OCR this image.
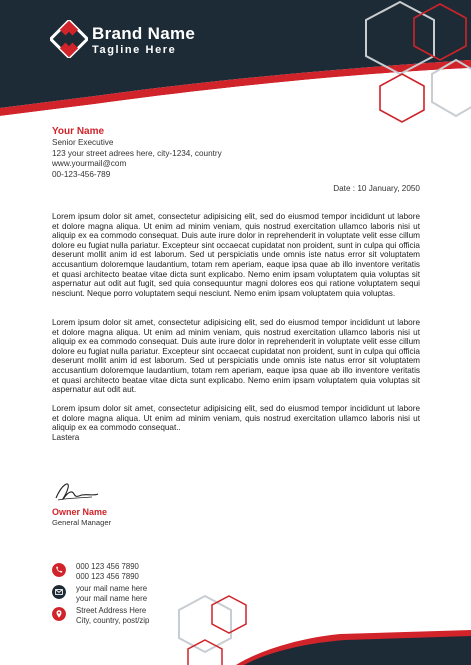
Brand Name
Tagline Here
Your Name
Senior Executive
123 your street adrees here, city-1234, country
www.yourmail@com
00-123-456-789
Date : 10 January, 2050
Lorem ipsum dolor sit amet, consectetur adipisicing elit, sed do eiusmod tempor incididunt ut labore et dolore magna aliqua. Ut enim ad minim veniam, quis nostrud exercitation ullamco laboris nisi ut aliquip ex ea commodo consequat. Duis aute irure dolor in reprehenderit in voluptate velit esse cillum dolore eu fugiat nulla pariatur. Excepteur sint occaecat cupidatat non proident, sunt in culpa qui officia deserunt mollit anim id est laborum. Sed ut perspiciatis unde omnis iste natus error sit voluptatem accusantium doloremque laudantium, totam rem aperiam, eaque ipsa quae ab illo inventore veritatis et quasi architecto beatae vitae dicta sunt explicabo. Nemo enim ipsam voluptatem quia voluptas sit aspernatur aut odit aut fugit, sed quia consequuntur magni dolores eos qui ratione voluptatem sequi nesciunt. Neque porro voluptatem sequi nesciunt. Nemo enim ipsam voluptatem quia voluptas.
Lorem ipsum dolor sit amet, consectetur adipisicing elit, sed do eiusmod tempor incididunt ut labore et dolore magna aliqua. Ut enim ad minim veniam, quis nostrud exercitation ullamco laboris nisi ut aliquip ex ea commodo consequat. Duis aute irure dolor in reprehenderit in voluptate velit esse cillum dolore eu fugiat nulla pariatur. Excepteur sint occaecat cupidatat non proident, sunt in culpa qui officia deserunt mollit anim id est laborum. Sed ut perspiciatis unde omnis iste natus error sit voluptatem accusantium doloremque laudantium, totam rem aperiam, eaque ipsa quae ab illo inventore veritatis et quasi architecto beatae vitae dicta sunt explicabo. Nemo enim ipsam voluptatem quia voluptas sit aspernatur aut odit aut.
Lorem ipsum dolor sit amet, consectetur adipisicing elit, sed do eiusmod tempor incididunt ut labore et dolore magna aliqua. Ut enim ad minim veniam, quis nostrud exercitation ullamco laboris nisi ut aliquip ex ea commodo consequat..
Lastera
Owner Name
General Manager
000 123 456 7890
000 123 456 7890
your mail name here
your mail name here
Street Address Here
City, country, post/zip
